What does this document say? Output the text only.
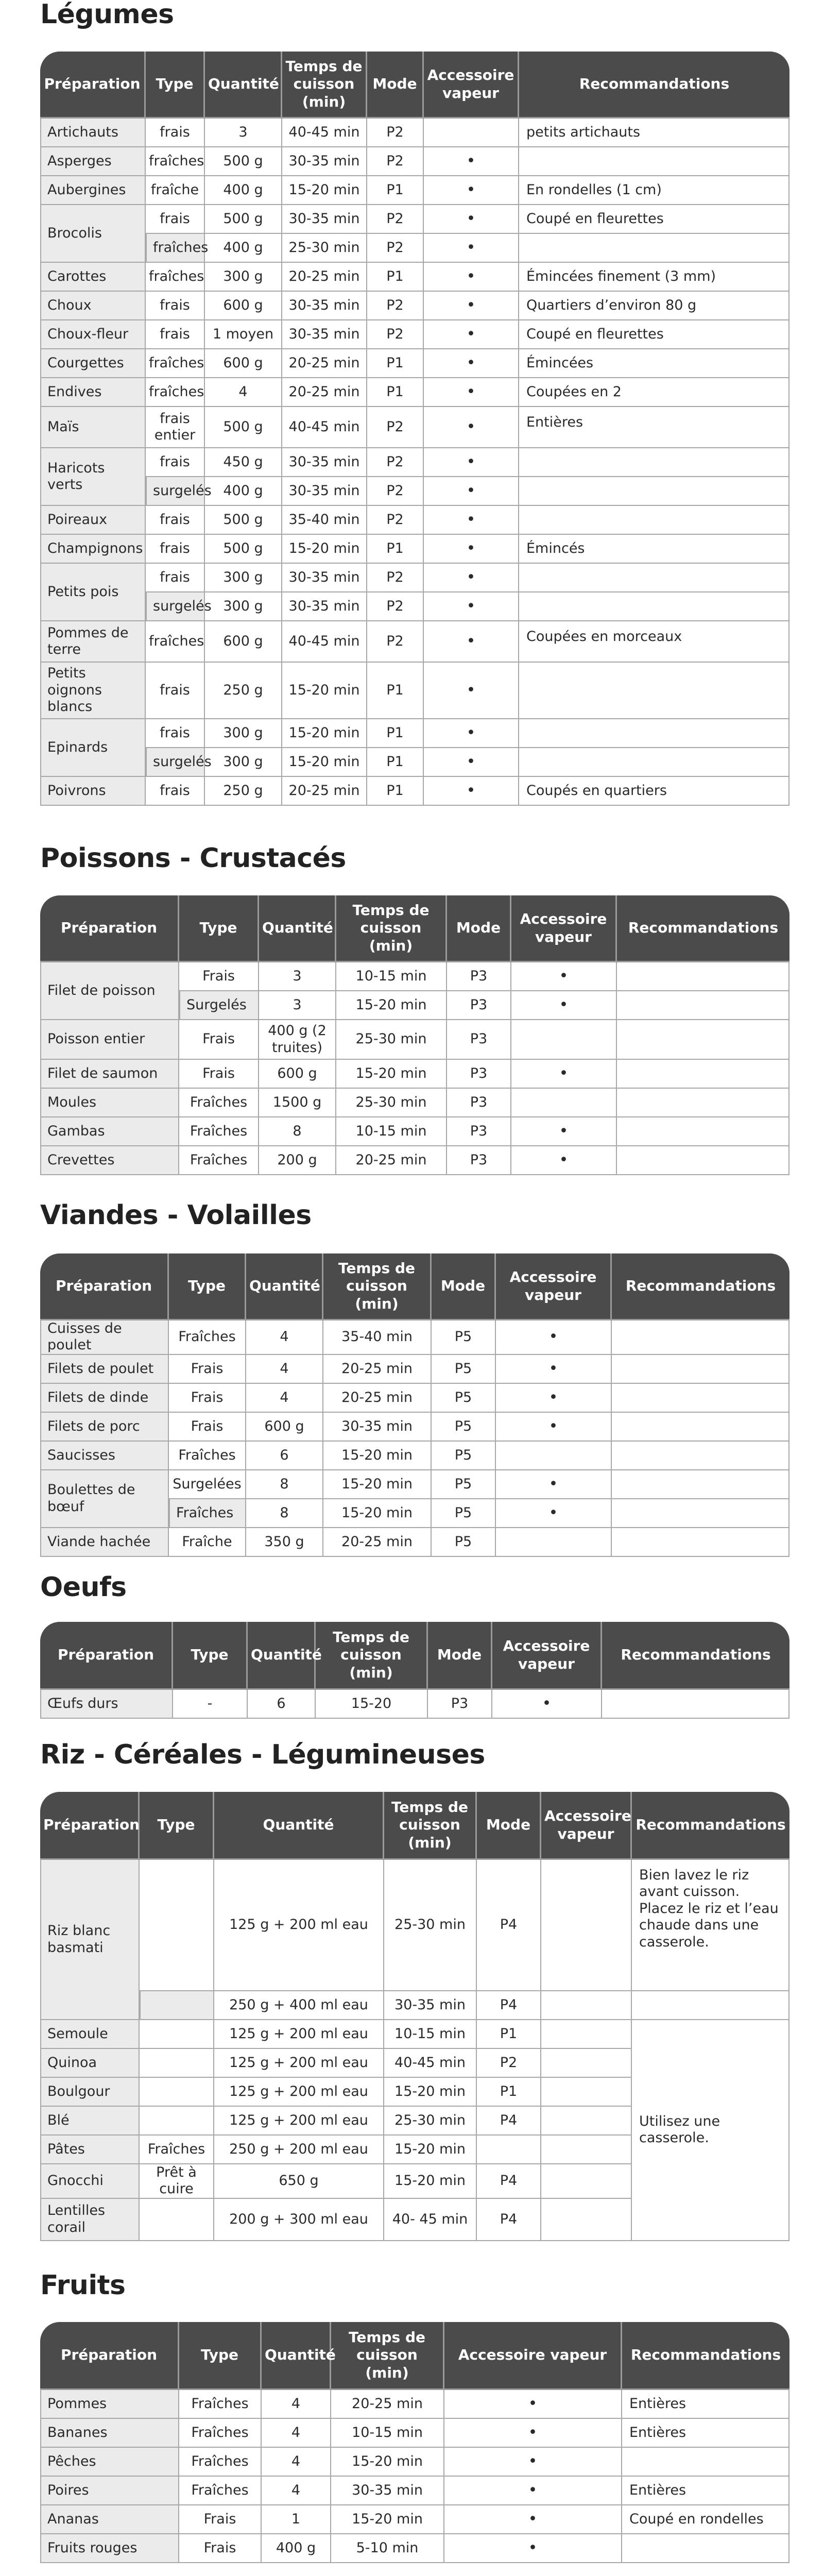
Légumes
Préparation	Type	Quantité	Temps de cuisson (min)	Mode	Accessoire vapeur	Recommandations
Artichauts	frais	3	40-45 min	P2		petits artichauts
Asperges	fraîches	500 g	30-35 min	P2	•	
Aubergines	fraîche	400 g	15-20 min	P1	•	En rondelles (1 cm)
Brocolis	frais	500 g	30-35 min	P2	•	Coupé en fleurettes
	fraîches	400 g	25-30 min	P2	•	
Carottes	fraîches	300 g	20-25 min	P1	•	Émincées finement (3 mm)
Choux	frais	600 g	30-35 min	P2	•	Quartiers d’environ 80 g
Choux-fleur	frais	1 moyen	30-35 min	P2	•	Coupé en fleurettes
Courgettes	fraîches	600 g	20-25 min	P1	•	Émincées
Endives	fraîches	4	20-25 min	P1	•	Coupées en 2
Maïs	frais entier	500 g	40-45 min	P2	•	Entières
Haricots verts	frais	450 g	30-35 min	P2	•	
	surgelés	400 g	30-35 min	P2	•	
Poireaux	frais	500 g	35-40 min	P2	•	
Champignons	frais	500 g	15-20 min	P1	•	Émincés
Petits pois	frais	300 g	30-35 min	P2	•	
	surgelés	300 g	30-35 min	P2	•	
Pommes de terre	fraîches	600 g	40-45 min	P2	•	Coupées en morceaux
Petits oignons blancs	frais	250 g	15-20 min	P1	•	
Epinards	frais	300 g	15-20 min	P1	•	
	surgelés	300 g	15-20 min	P1	•	
Poivrons	frais	250 g	20-25 min	P1	•	Coupés en quartiers
Poissons - Crustacés
Préparation	Type	Quantité	Temps de cuisson (min)	Mode	Accessoire vapeur	Recommandations
Filet de poisson	Frais	3	10-15 min	P3	•	
	Surgelés	3	15-20 min	P3	•	
Poisson entier	Frais	400 g (2 truites)	25-30 min	P3		
Filet de saumon	Frais	600 g	15-20 min	P3	•	
Moules	Fraîches	1500 g	25-30 min	P3		
Gambas	Fraîches	8	10-15 min	P3	•	
Crevettes	Fraîches	200 g	20-25 min	P3	•	
Viandes - Volailles
Préparation	Type	Quantité	Temps de cuisson (min)	Mode	Accessoire vapeur	Recommandations
Cuisses de poulet	Fraîches	4	35-40 min	P5	•	
Filets de poulet	Frais	4	20-25 min	P5	•	
Filets de dinde	Frais	4	20-25 min	P5	•	
Filets de porc	Frais	600 g	30-35 min	P5	•	
Saucisses	Fraîches	6	15-20 min	P5		
Boulettes de bœuf	Surgelées	8	15-20 min	P5	•	
	Fraîches	8	15-20 min	P5	•	
Viande hachée	Fraîche	350 g	20-25 min	P5		
Oeufs
Préparation	Type	Quantité	Temps de cuisson (min)	Mode	Accessoire vapeur	Recommandations
Œufs durs	-	6	15-20	P3	•	
Riz - Céréales - Légumineuses
Préparation	Type	Quantité	Temps de cuisson (min)	Mode	Accessoire vapeur	Recommandations
Riz blanc basmati		125 g + 200 ml eau	25-30 min	P4		Bien lavez le riz avant cuisson. Placez le riz et l’eau chaude dans une casserole.
		250 g + 400 ml eau	30-35 min	P4		
Semoule		125 g + 200 ml eau	10-15 min	P1		Utilisez une casserole.
Quinoa		125 g + 200 ml eau	40-45 min	P2		
Boulgour		125 g + 200 ml eau	15-20 min	P1		
Blé		125 g + 200 ml eau	25-30 min	P4		
Pâtes	Fraîches	250 g + 200 ml eau	15-20 min			
Gnocchi	Prêt à cuire	650 g	15-20 min	P4		
Lentilles corail		200 g + 300 ml eau	40- 45 min	P4		
Fruits
Préparation	Type	Quantité	Temps de cuisson (min)	Accessoire vapeur	Recommandations
Pommes	Fraîches	4	20-25 min	•	Entières
Bananes	Fraîches	4	10-15 min	•	Entières
Pêches	Fraîches	4	15-20 min	•	
Poires	Fraîches	4	30-35 min	•	Entières
Ananas	Frais	1	15-20 min	•	Coupé en rondelles
Fruits rouges	Frais	400 g	5-10 min	•	
